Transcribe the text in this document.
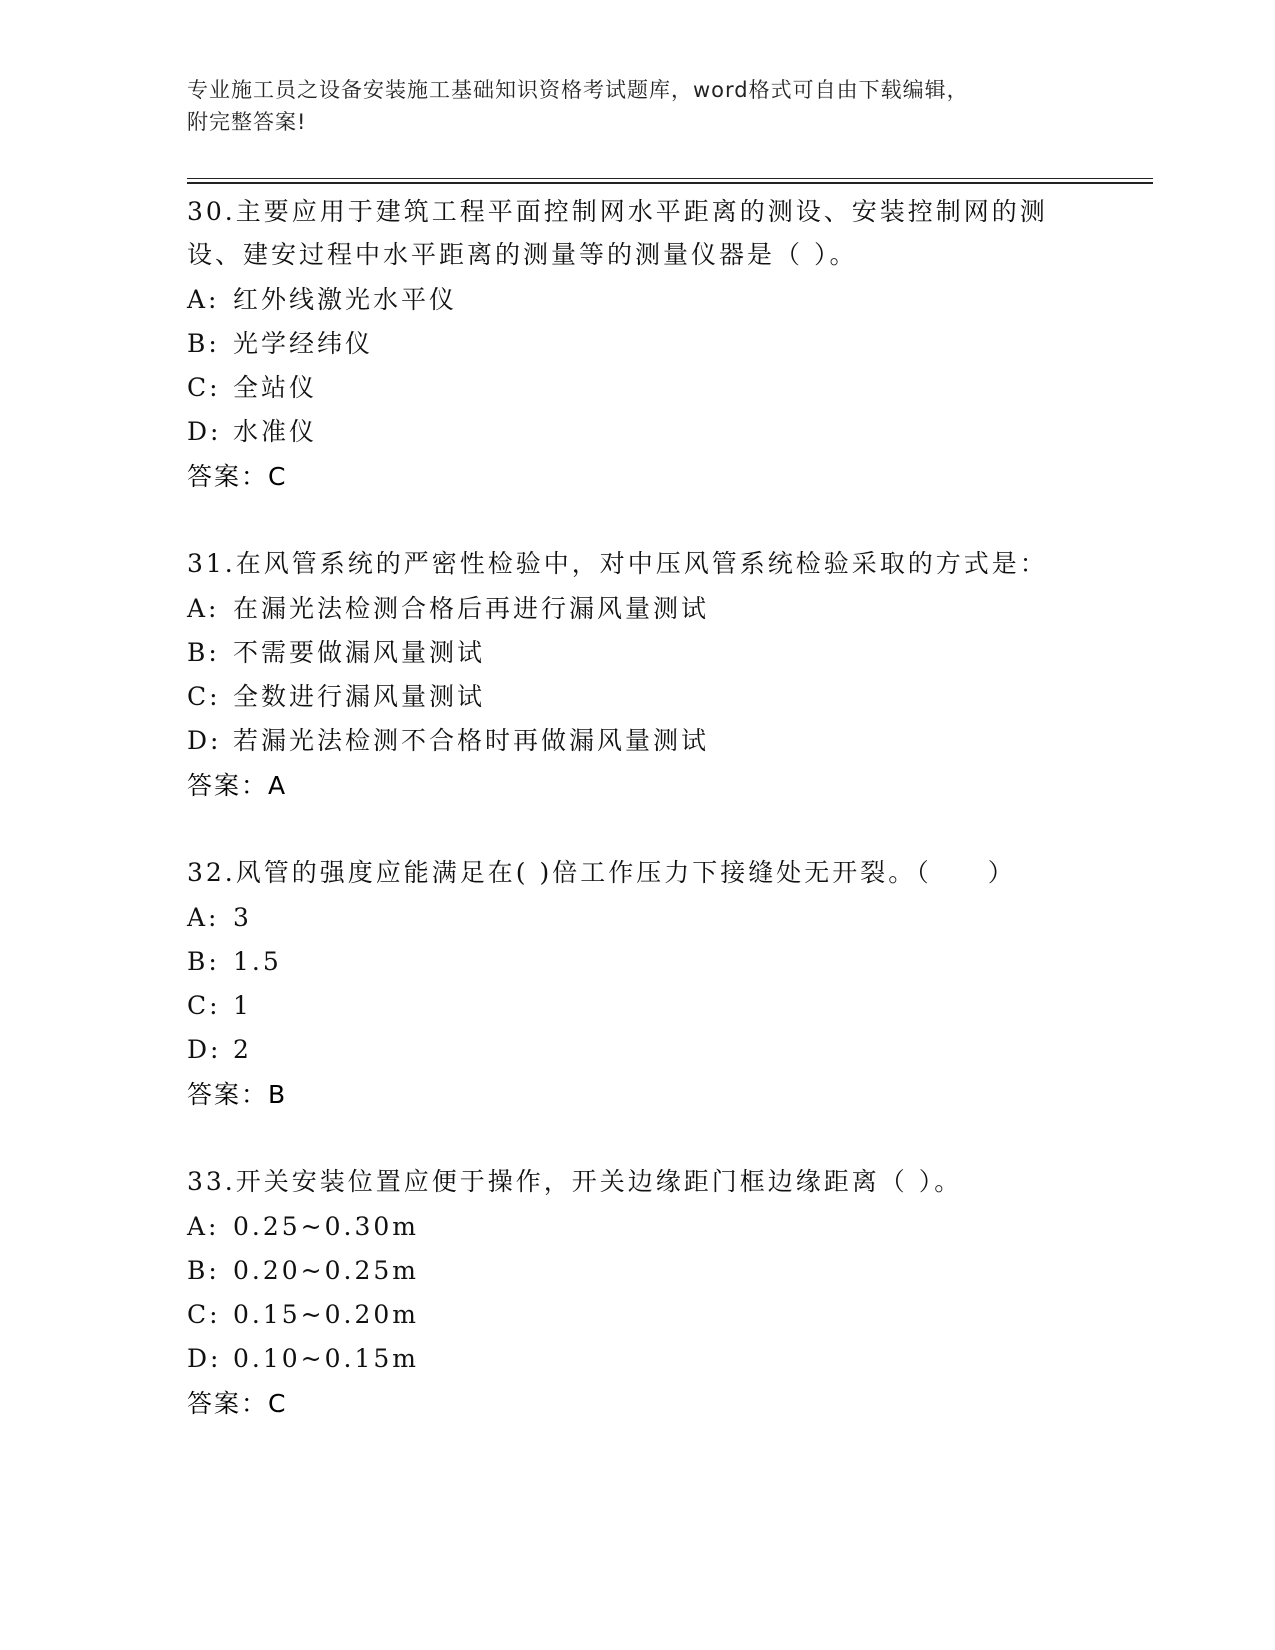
专业施工员之设备安装施工基础知识资格考试题库，word格式可自由下载编辑，
附完整答案!
30.主要应用于建筑工程平面控制网水平距离的测设、安装控制网的测设、建安过程中水平距离的测量等的测量仪器是（ ）。
A: 红外线激光水平仪
B: 光学经纬仪
C: 全站仪
D: 水准仪
答案：C
31.在风管系统的严密性检验中，对中压风管系统检验采取的方式是：
A: 在漏光法检测合格后再进行漏风量测试
B: 不需要做漏风量测试
C: 全数进行漏风量测试
D: 若漏光法检测不合格时再做漏风量测试
答案：A
32.风管的强度应能满足在( )倍工作压力下接缝处无开裂。（　　）
A: 3
B: 1.5
C: 1
D: 2
答案：B
33.开关安装位置应便于操作，开关边缘距门框边缘距离（ ）。
A: 0.25~0.30m
B: 0.20~0.25m
C: 0.15~0.20m
D: 0.10~0.15m
答案：C
